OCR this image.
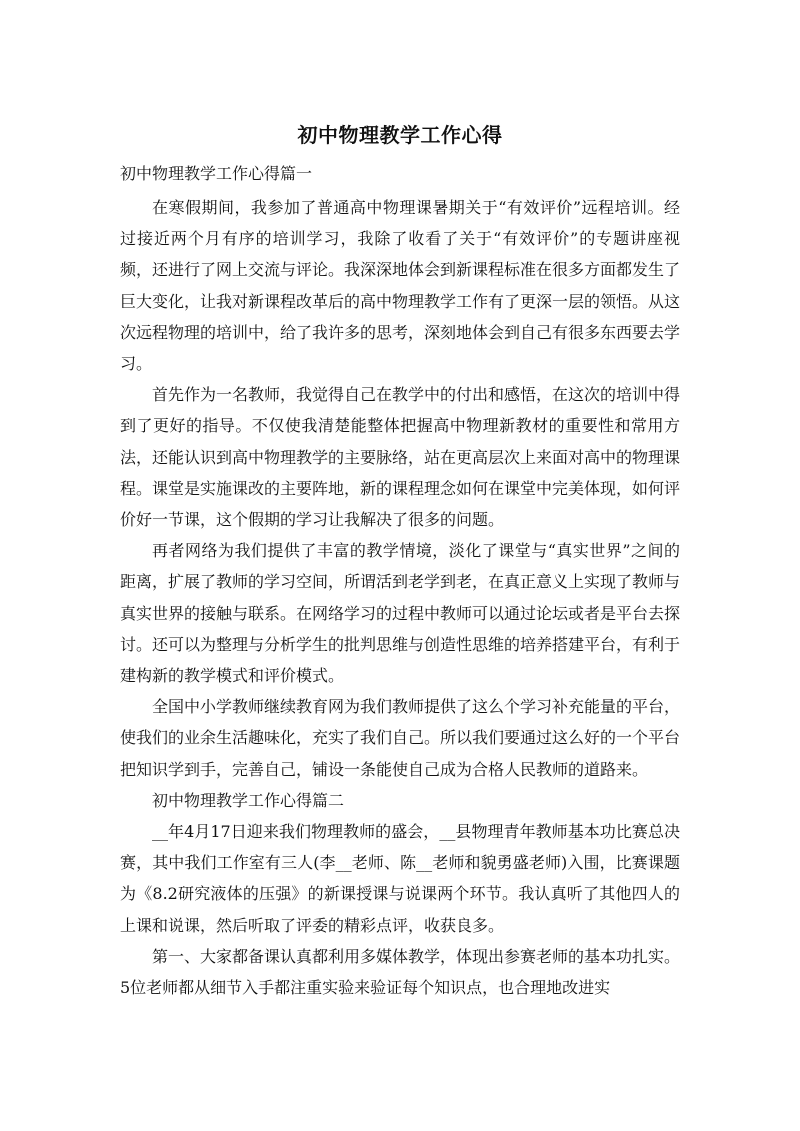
初中物理教学工作心得

初中物理教学工作心得篇一

在寒假期间，我参加了普通高中物理课暑期关于“有效评价”远程培训。经过接近两个月有序的培训学习，我除了收看了关于“有效评价”的专题讲座视频，还进行了网上交流与评论。我深深地体会到新课程标准在很多方面都发生了巨大变化，让我对新课程改革后的高中物理教学工作有了更深一层的领悟。从这次远程物理的培训中，给了我许多的思考，深刻地体会到自己有很多东西要去学习。

首先作为一名教师，我觉得自己在教学中的付出和感悟，在这次的培训中得到了更好的指导。不仅使我清楚能整体把握高中物理新教材的重要性和常用方法，还能认识到高中物理教学的主要脉络，站在更高层次上来面对高中的物理课程。课堂是实施课改的主要阵地，新的课程理念如何在课堂中完美体现，如何评价好一节课，这个假期的学习让我解决了很多的问题。

再者网络为我们提供了丰富的教学情境，淡化了课堂与“真实世界”之间的距离，扩展了教师的学习空间，所谓活到老学到老，在真正意义上实现了教师与真实世界的接触与联系。在网络学习的过程中教师可以通过论坛或者是平台去探讨。还可以为整理与分析学生的批判思维与创造性思维的培养搭建平台，有利于建构新的教学模式和评价模式。

全国中小学教师继续教育网为我们教师提供了这么个学习补充能量的平台，使我们的业余生活趣味化，充实了我们自己。所以我们要通过这么好的一个平台把知识学到手，完善自己，铺设一条能使自己成为合格人民教师的道路来。

初中物理教学工作心得篇二

__年4月17日迎来我们物理教师的盛会，__县物理青年教师基本功比赛总决赛，其中我们工作室有三人(李__老师、陈__老师和貌勇盛老师)入围，比赛课题为《8.2研究液体的压强》的新课授课与说课两个环节。我认真听了其他四人的上课和说课，然后听取了评委的精彩点评，收获良多。

第一、大家都备课认真都利用多媒体教学，体现出参赛老师的基本功扎实。5位老师都从细节入手都注重实验来验证每个知识点，也合理地改进实
